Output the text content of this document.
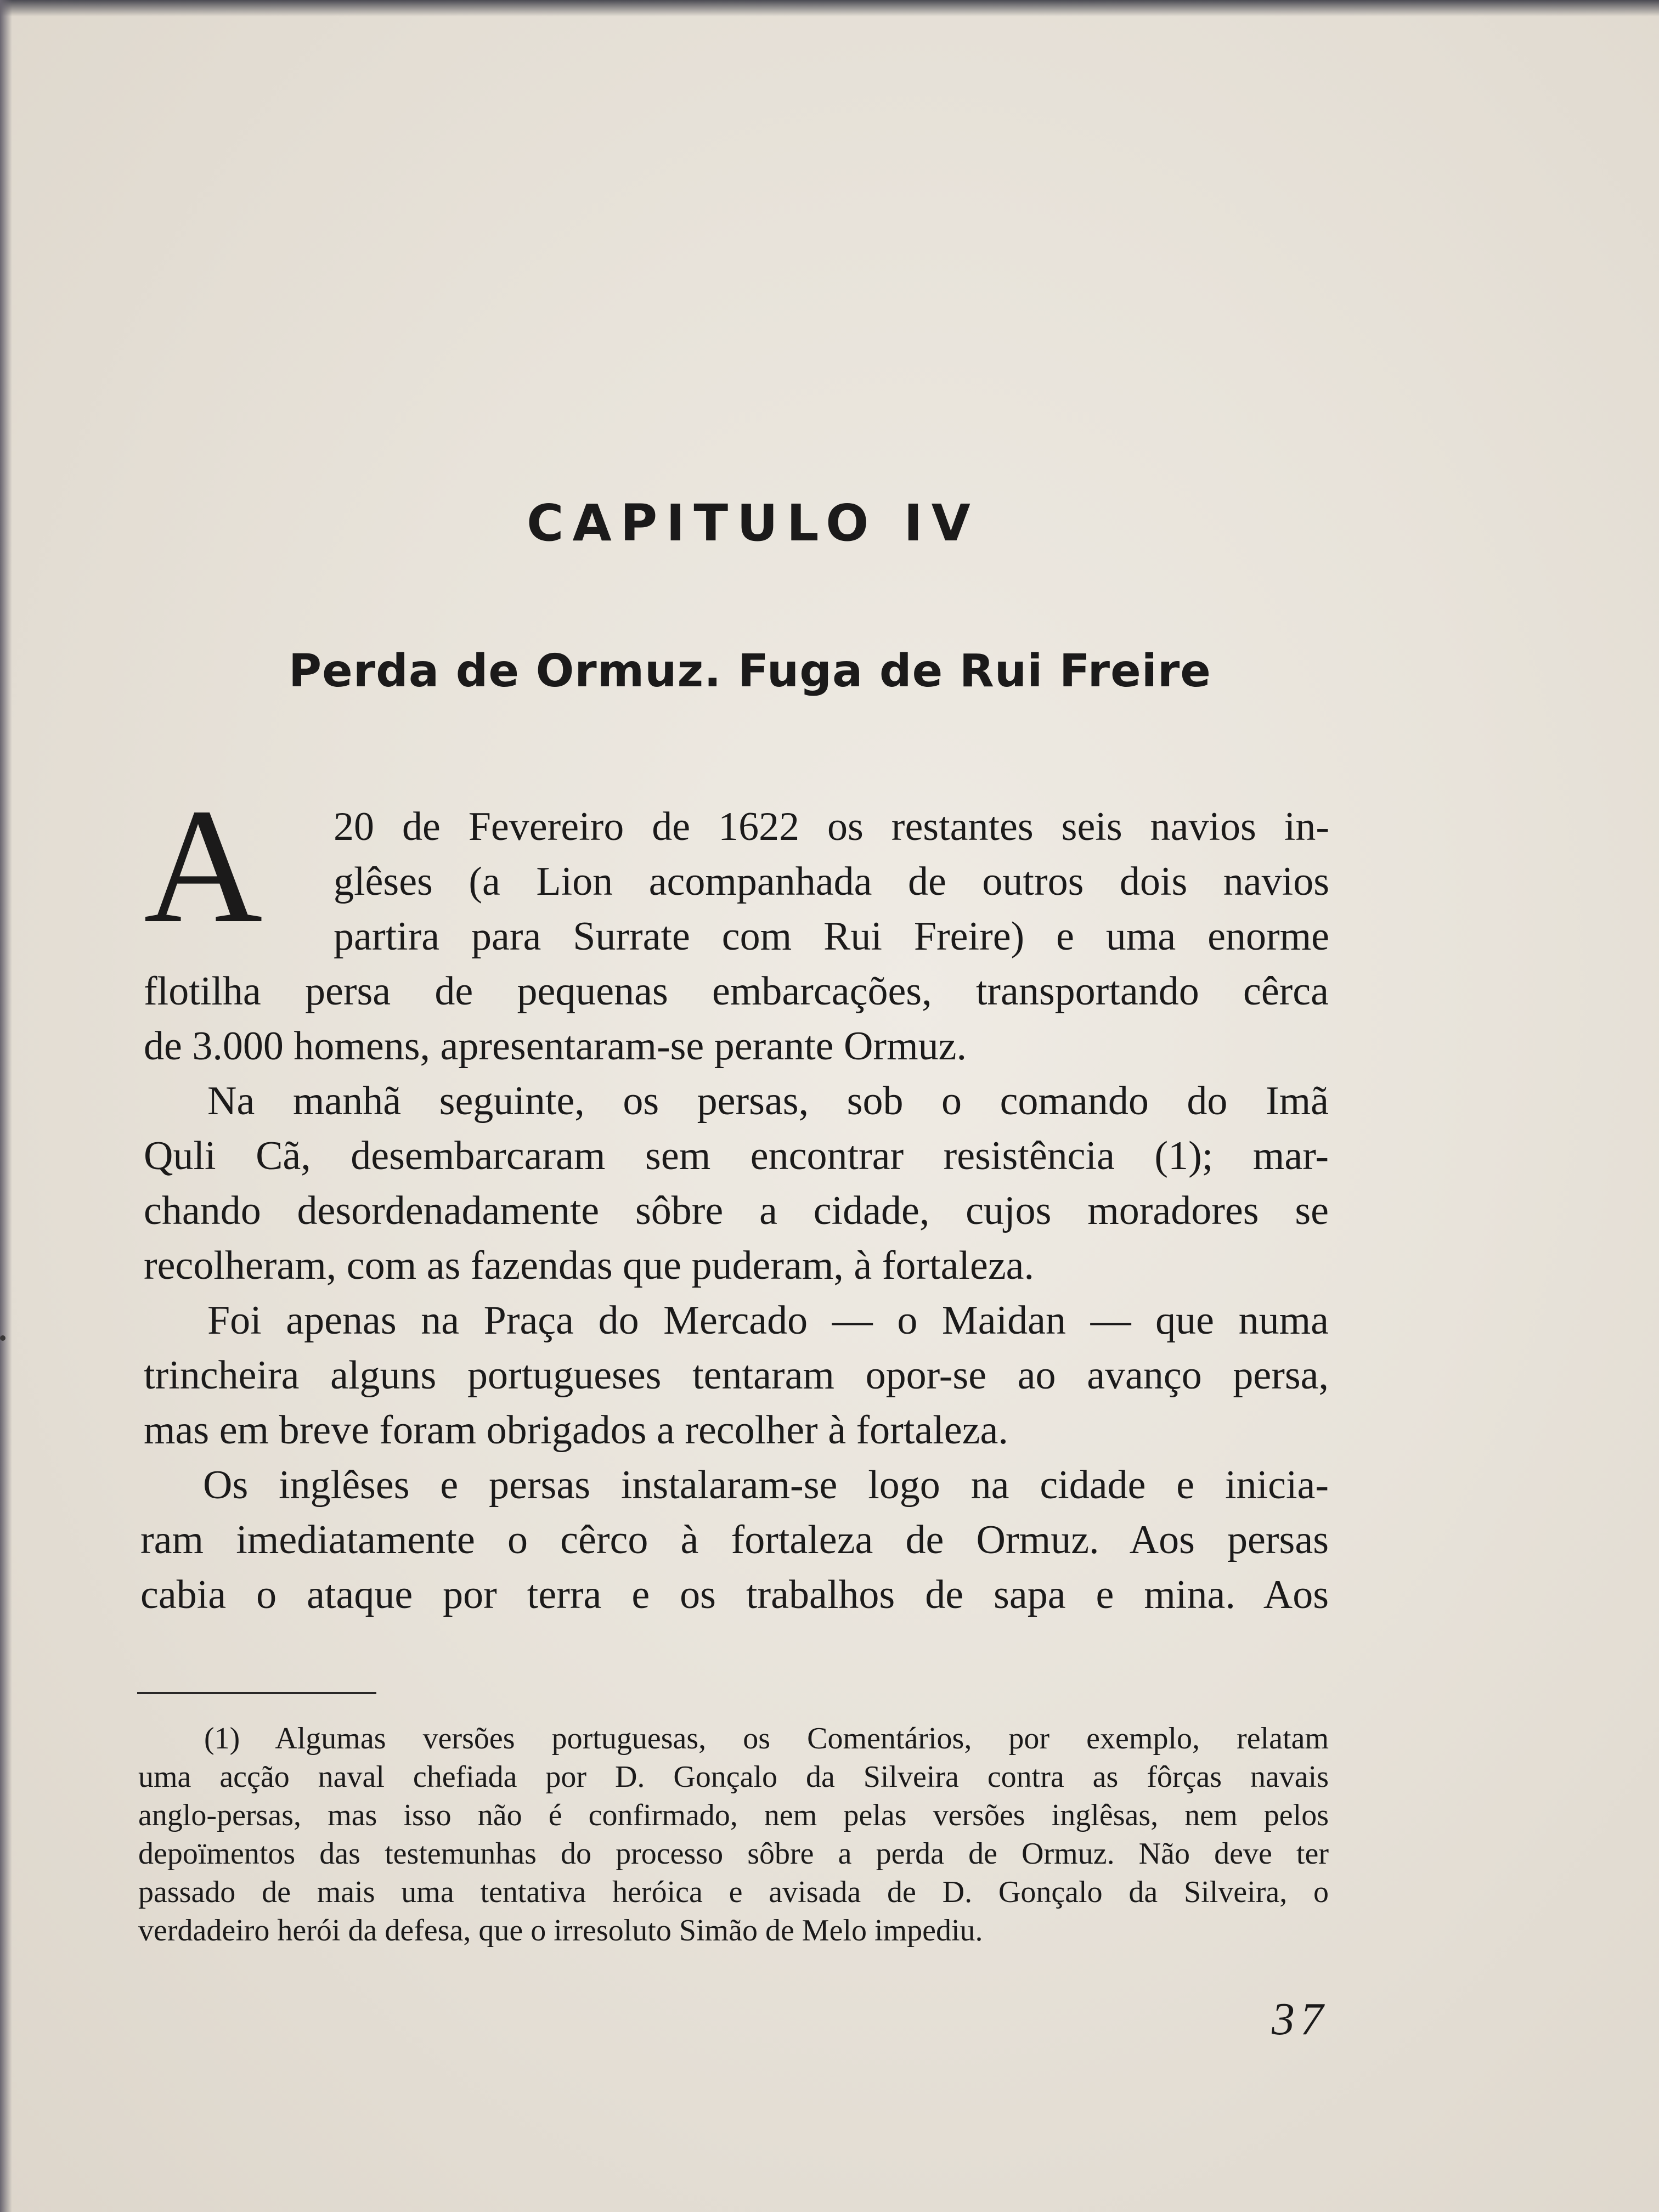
CAPITULO IV
Perda de Ormuz. Fuga de Rui Freire
A 20 de Fevereiro de 1622 os restantes seis navios in-
glêses (a Lion acompanhada de outros dois navios
partira para Surrate com Rui Freire) e uma enorme
flotilha persa de pequenas embarcações, transportando cêrca
de 3.000 homens, apresentaram-se perante Ormuz.
Na manhã seguinte, os persas, sob o comando do Imã
Quli Cã, desembarcaram sem encontrar resistência (1); mar-
chando desordenadamente sôbre a cidade, cujos moradores se
recolheram, com as fazendas que puderam, à fortaleza.
Foi apenas na Praça do Mercado — o Maidan — que numa
trincheira alguns portugueses tentaram opor-se ao avanço persa,
mas em breve foram obrigados a recolher à fortaleza.
Os inglêses e persas instalaram-se logo na cidade e inicia-
ram imediatamente o cêrco à fortaleza de Ormuz. Aos persas
cabia o ataque por terra e os trabalhos de sapa e mina. Aos
(1) Algumas versões portuguesas, os Comentários, por exemplo, relatam
uma acção naval chefiada por D. Gonçalo da Silveira contra as fôrças navais
anglo-persas, mas isso não é confirmado, nem pelas versões inglêsas, nem pelos
depoïmentos das testemunhas do processo sôbre a perda de Ormuz. Não deve ter
passado de mais uma tentativa heróica e avisada de D. Gonçalo da Silveira, o
verdadeiro herói da defesa, que o irresoluto Simão de Melo impediu.
37
